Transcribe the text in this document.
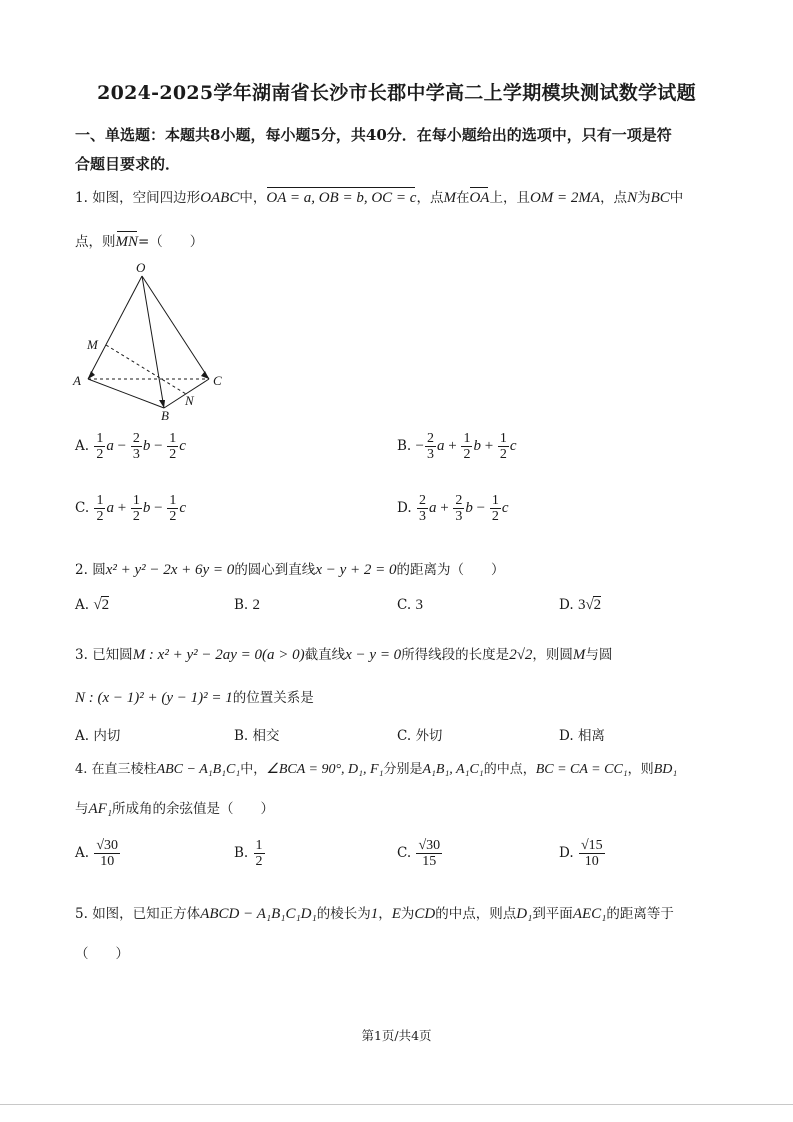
2024-2025学年湖南省长沙市长郡中学高二上学期模块测试数学试题
一、单选题：本题共8小题，每小题5分，共40分．在每小题给出的选项中，只有一项是符
合题目要求的．
1. 如图，空间四边形OABC中，OA = a, OB = b, OC = c，点M在OA上，且OM = 2MA，点N为BC中
点，则MN=（　　）
O
M
A
B
C
N
A. $\frac{1}{2}$ $a - \frac{2}{3}$ $b - \frac{1}{2}$ c	B. − $\frac{2}{3}$ $a + \frac{1}{2}$ $b + \frac{1}{2}$ c
C. $\frac{1}{2}$ $a + \frac{1}{2}$ $b - \frac{1}{2}$ c	D. $\frac{2}{3}$ $a + \frac{2}{3}$ $b - \frac{1}{2}$ c
2. 圆x² + y² − 2x + 6y = 0的圆心到直线x − y + 2 = 0的距离为（　　）
A. √2	B. 2	C. 3	D. 3√2
3. 已知圆M : x² + y² − 2ay = 0(a > 0)截直线x − y = 0所得线段的长度是2√2，则圆M与圆
N : (x − 1)² + (y − 1)² = 1的位置关系是
A. 内切	B. 相交	C. 外切	D. 相离
4. 在直三棱柱ABC − A₁B₁C₁中，∠BCA = 90°, D₁, F₁分别是A₁B₁, A₁C₁的中点，BC = CA = CC₁，则BD₁
与AF₁所成角的余弦值是（　　）
A. $\frac{√30}{10}$	B. $\frac{1}{2}$	C. $\frac{√30}{15}$	D. $\frac{√15}{10}$
5. 如图，已知正方体ABCD − A₁B₁C₁D₁的棱长为1，E为CD的中点，则点D₁到平面AEC₁的距离等于
（　　）
第1页/共4页
